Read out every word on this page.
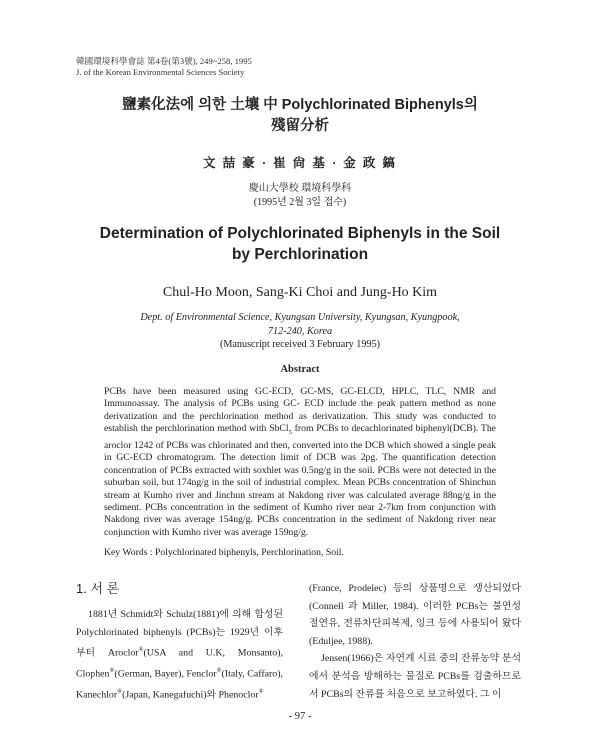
韓國環境科學會誌 第4卷(第3號), 249~258, 1995
J. of the Korean Environmental Sciences Society
鹽素化法에 의한 土壤 中 Polychlorinated Biphenyls의
殘留分析
文 喆 豪 · 崔 尙 基 · 金 政 鎬
慶山大學校 環境科學科
(1995년 2월 3일 접수)
Determination of Polychlorinated Biphenyls in the Soil
by Perchlorination
Chul-Ho Moon, Sang-Ki Choi and Jung-Ho Kim
Dept. of Environmental Science, Kyungsan University, Kyungsan, Kyungpook,
712-240, Korea
(Manuscript received 3 February 1995)
Abstract
PCBs have been measured using GC-ECD, GC-MS, GC-ELCD, HPLC, TLC, NMR and Immunoassay. The analysis of PCBs using GC- ECD include the peak pattern method as none derivatization and the perchlorination method as derivatization. This study was conducted to establish the perchlorination method with SbCl$_5$ from PCBs to decachlorinated biphenyl(DCB). The aroclor 1242 of PCBs was chlorinated and then, converted into the DCB which showed a single peak in GC-ECD chromatogram. The detection limit of DCB was 2pg. The quantification detection concentration of PCBs extracted with soxhlet was 0.5ng/g in the soil. PCBs were not detected in the suburban soil, but 174ng/g in the soil of industrial complex. Mean PCBs concentration of Shinchun stream at Kumho river and Jinchun stream at Nakdong river was calculated average 88ng/g in the sediment. PCBs concentration in the sediment of Kumho river near 2-7km from conjunction with Nakdong river was average 154ng/g. PCBs concentration in the sediment of Nakdong river near conjunction with Kumho river was average 159ng/g.
Key Words : Polychlorinated biphenyls, Perchlorination, Soil.
1. 서 론
1881년 Schmidt와 Schulz(1881)에 의해 합성된 Polychlorinated biphenyls (PCBs)는 1929년 이후부터 Aroclor®(USA and U.K, Monsanto), Clophen®(German, Bayer), Fenclor®(Italy, Caffaro), Kanechlor®(Japan, Kanegafuchi)와 Phenoclor®
(France, Prodelec) 등의 상품명으로 생산되었다 (Connell 과 Miller, 1984). 이러한 PCBs는 불연성 절연유, 전류차단피복제, 잉크 등에 사용되어 왔다 (Eduljee, 1988).
Jensen(1966)은 자연계 시료 중의 잔류농약 분석에서 분석을 방해하는 물질로 PCBs를 검출하므로서 PCBs의 잔류를 처음으로 보고하였다. 그 이
- 97 -
